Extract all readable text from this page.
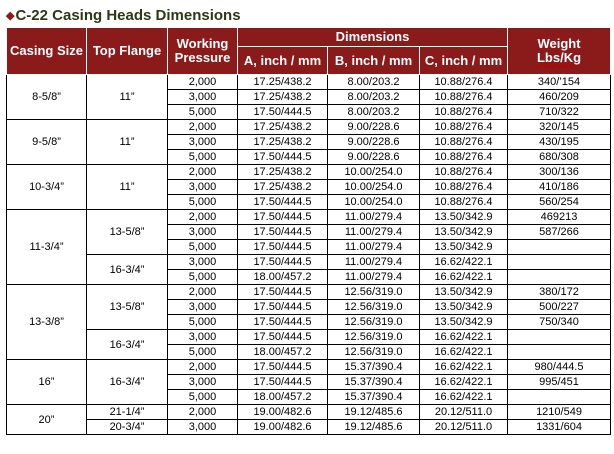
◆C-22 Casing Heads Dimensions
Casing Size	Top Flange	Working Pressure	Dimensions			Weight
Lbs/Kg
			A, inch / mm	B, inch / mm	C, inch / mm	
8-5/8”	11”	2,000	17.25/438.2	8.00/203.2	10.88/276.4	340/’154
		3,000	17.25/438.2	8.00/203.2	10.88/276.4	460/209
		5,000	17.50/444.5	8.00/203.2	10.88/276.4	710/322
9-5/8”	11”	2,000	17.25/438.2	9.00/228.6	10.88/276.4	320/145
		3,000	17.25/438.2	9.00/228.6	10.88/276.4	430/195
		5,000	17.50/444.5	9.00/228.6	10.88/276.4	680/308
10-3/4”	11”	2,000	17.25/438.2	10.00/254.0	10.88/276.4	300/136
		3,000	17.25/438.2	10.00/254.0	10.88/276.4	410/186
		5,000	17.50/444.5	10.00/254.0	10.88/276.4	560/254
11-3/4”	13-5/8”	2,000	17.50/444.5	11.00/279.4	13.50/342.9	469213
		3,000	17.50/444.5	11.00/279.4	13.50/342.9	587/266
		5,000	17.50/444.5	11.00/279.4	13.50/342.9	
	16-3/4”	3,000	17.50/444.5	11.00/279.4	16.62/422.1	
		5,000	18.00/457.2	11.00/279.4	16.62/422.1	
13-3/8”	13-5/8”	2,000	17.50/444.5	12.56/319.0	13.50/342.9	380/172
		3,000	17.50/444.5	12.56/319.0	13.50/342.9	500/227
		5,000	17.50/444.5	12.56/319.0	13.50/342.9	750/340
	16-3/4”	3,000	17.50/444.5	12.56/319.0	16.62/422.1	
		5,000	18.00/457.2	12.56/319.0	16.62/422.1	
16”	16-3/4”	2,000	17.50/444.5	15.37/390.4	16.62/422.1	980/444.5
		3,000	17.50/444.5	15.37/390.4	16.62/422.1	995/451
		5,000	18.00/457.2	15.37/390.4	16.62/422.1	
20”	21-1/4”	2,000	19.00/482.6	19.12/485.6	20.12/511.0	1210/549
	20-3/4”	3,000	19.00/482.6	19.12/485.6	20.12/511.0	1331/604
